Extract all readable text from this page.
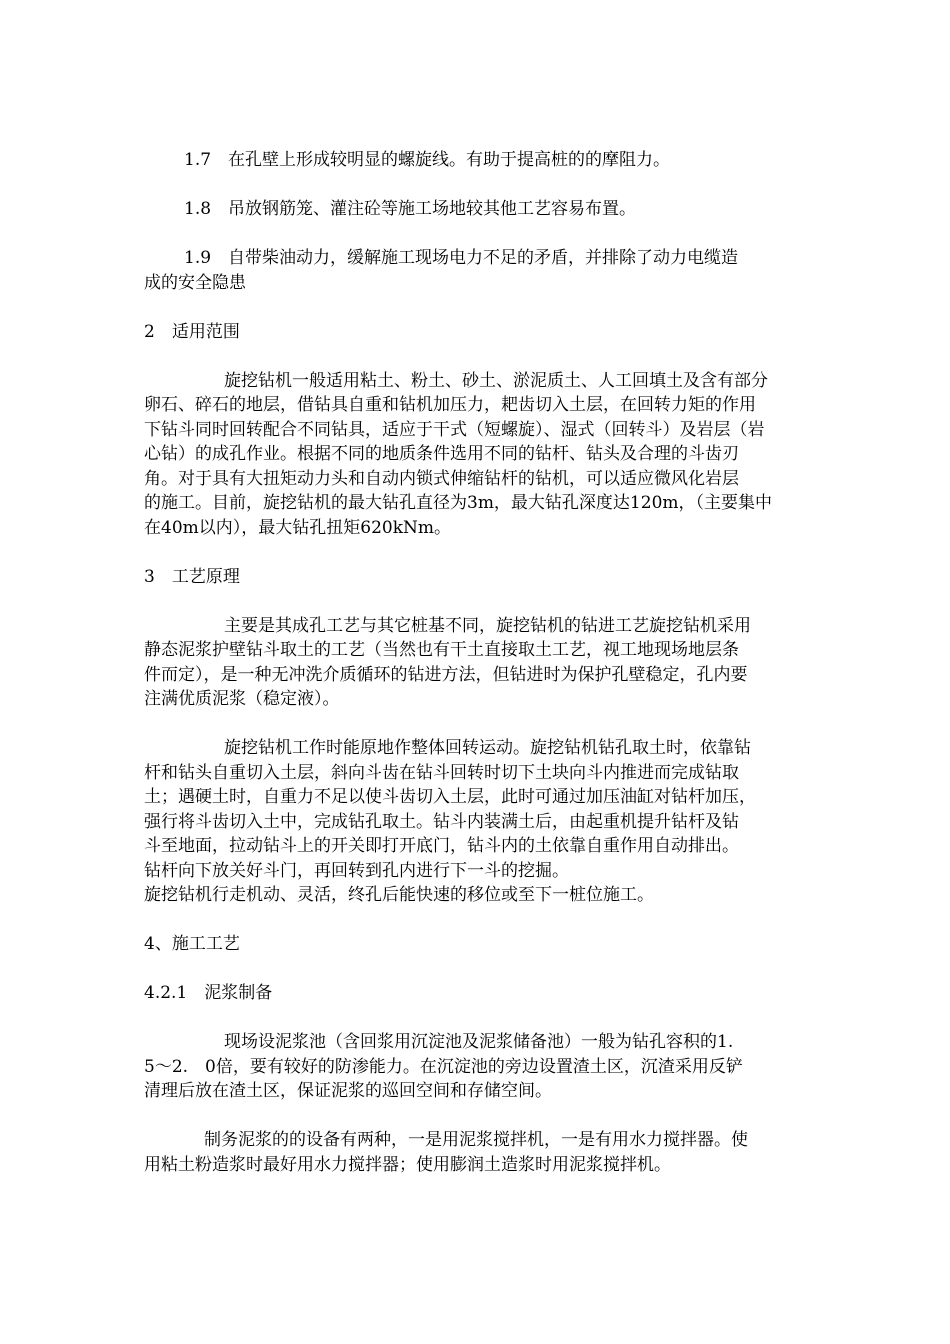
1.7　在孔壁上形成较明显的螺旋线。有助于提高桩的的摩阻力。
1.8　吊放钢筋笼、灌注砼等施工场地较其他工艺容易布置。
1.9　自带柴油动力，缓解施工现场电力不足的矛盾，并排除了动力电缆造
成的安全隐患
2　适用范围
旋挖钻机一般适用粘土、粉土、砂土、淤泥质土、人工回填土及含有部分
卵石、碎石的地层，借钻具自重和钻机加压力，耙齿切入土层，在回转力矩的作用
下钻斗同时回转配合不同钻具，适应于干式（短螺旋）、湿式（回转斗）及岩层（岩
心钻）的成孔作业。根据不同的地质条件选用不同的钻杆、钻头及合理的斗齿刃
角。对于具有大扭矩动力头和自动内锁式伸缩钻杆的钻机，可以适应微风化岩层
的施工。目前，旋挖钻机的最大钻孔直径为3m，最大钻孔深度达120m，（主要集中
在40m以内），最大钻孔扭矩620kNm。
3　工艺原理
主要是其成孔工艺与其它桩基不同，旋挖钻机的钻进工艺旋挖钻机采用
静态泥浆护壁钻斗取土的工艺（当然也有干土直接取土工艺，视工地现场地层条
件而定），是一种无冲洗介质循环的钻进方法，但钻进时为保护孔壁稳定，孔内要
注满优质泥浆（稳定液）。
旋挖钻机工作时能原地作整体回转运动。旋挖钻机钻孔取土时，依靠钻
杆和钻头自重切入土层，斜向斗齿在钻斗回转时切下土块向斗内推进而完成钻取
土；遇硬土时，自重力不足以使斗齿切入土层，此时可通过加压油缸对钻杆加压，
强行将斗齿切入土中，完成钻孔取土。钻斗内装满土后，由起重机提升钻杆及钻
斗至地面，拉动钻斗上的开关即打开底门，钻斗内的土依靠自重作用自动排出。
钻杆向下放关好斗门，再回转到孔内进行下一斗的挖掘。
旋挖钻机行走机动、灵活，终孔后能快速的移位或至下一桩位施工。
4、施工工艺
4.2.1　泥浆制备
现场设泥浆池（含回浆用沉淀池及泥浆储备池）一般为钻孔容积的1.
5～2.　0倍，要有较好的防渗能力。在沉淀池的旁边设置渣土区，沉渣采用反铲
清理后放在渣土区，保证泥浆的巡回空间和存储空间。
制务泥浆的的设备有两种，一是用泥浆搅拌机，一是有用水力搅拌器。使
用粘土粉造浆时最好用水力搅拌器；使用膨润土造浆时用泥浆搅拌机。
